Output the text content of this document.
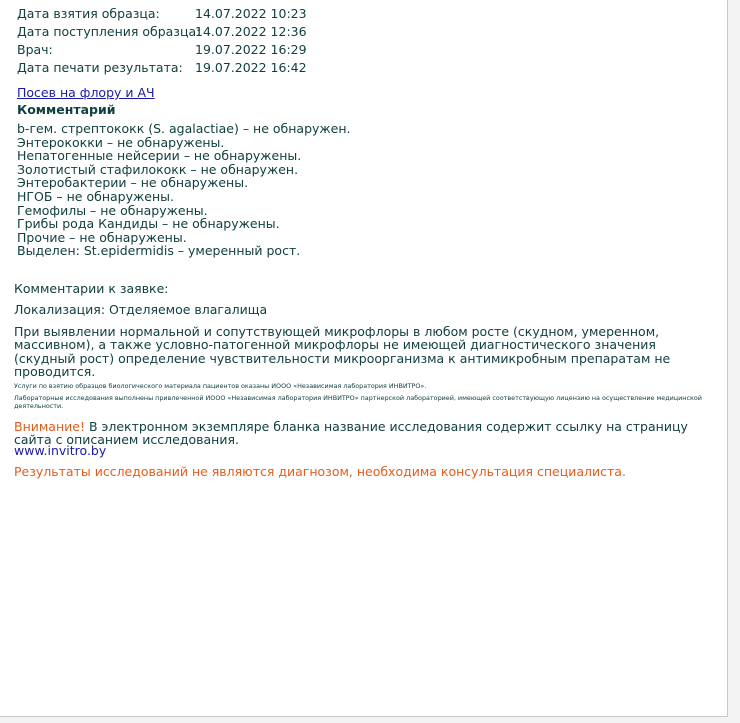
Дата взятия образца:	14.07.2022 10:23
Дата поступления образца:
14.07.2022 12:36
Врач:	19.07.2022 16:29
Дата печати результата: 19.07.2022 16:42
Посев на флору и АЧ
Комментарий
b-гем. стрептококк (S. agalactiae) – не обнаружен.
Энтерококки – не обнаружены.
Непатогенные нейсерии – не обнаружены.
Золотистый стафилококк – не обнаружен.
Энтеробактерии – не обнаружены.
НГОБ – не обнаружены.
Гемофилы – не обнаружены.
Грибы рода Кандиды – не обнаружены.
Прочие – не обнаружены.
Выделен: St.epidermidis – умеренный рост.
Комментарии к заявке:
Локализация: Отделяемое влагалища

При выявлении нормальной и сопутствующей микрофлоры в любом росте (скудном, умеренном, массивном), а также условно-патогенной микрофлоры не имеющей диагностического значения (скудный рост) определение чувствительности микроорганизма к антимикробным препаратам не проводится.

Услуги по взятию образцов биологического материала пациентов оказаны ИООО «Независимая лаборатория ИНВИТРО».

Лабораторные исследования выполнены привлеченной ИООО «Независимая лаборатория ИНВИТРО» партнерской лабораторией, имеющей соответствующую лицензию на осуществление медицинской деятельности.

Внимание! В электронном экземпляре бланка название исследования содержит ссылку на страницу сайта с описанием исследования.

www.invitro.by
Результаты исследований не являются диагнозом, необходима консультация специалиста.
